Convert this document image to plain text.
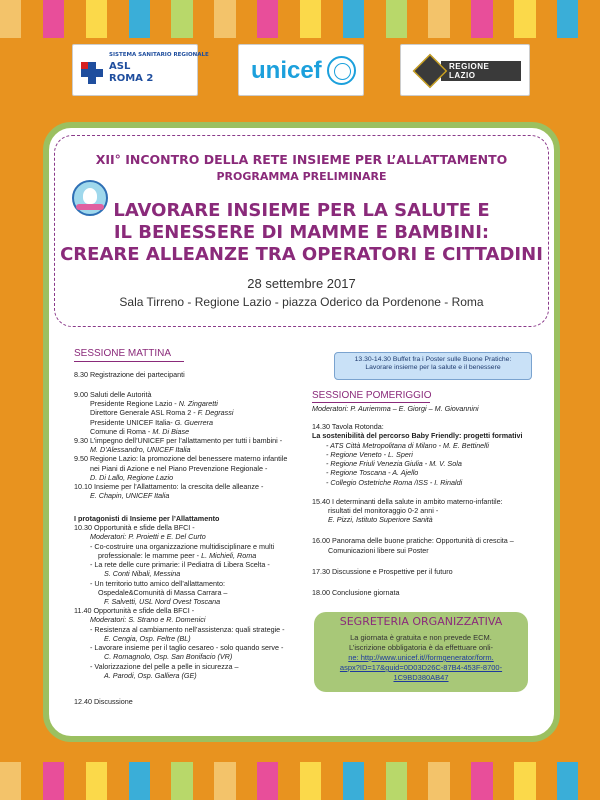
SISTEMA SANITARIO REGIONALE
ASL
ROMA 2	unicef	REGIONE
LAZIO
XII° INCONTRO DELLA RETE INSIEME PER L’ALLATTAMENTO
PROGRAMMA PRELIMINARE
LAVORARE INSIEME PER LA SALUTE E
IL BENESSERE DI MAMME E BAMBINI:
CREARE ALLEANZE TRA OPERATORI E CITTADINI
28 settembre 2017
Sala Tirreno - Regione Lazio - piazza Oderico da Pordenone - Roma
SESSIONE MATTINA
8.30 Registrazione dei partecipanti
9.00 Saluti delle Autorità
Presidente Regione Lazio - N. Zingaretti
Direttore Generale ASL Roma 2 - F. Degrassi
Presidente UNICEF Italia- G. Guerrera
Comune di Roma - M. Di Biase
9.30 L’impegno dell’UNICEF per l’allattamento per tutti i bambini -
M. D’Alessandro, UNICEF Italia
9.50 Regione Lazio: la promozione del benessere materno infantile
nei Piani di Azione e nel Piano Prevenzione Regionale -
D. Di Lallo, Regione Lazio
10.10 Insieme per l’Allattamento: la crescita delle alleanze -
E. Chapin, UNICEF Italia
I protagonisti di Insieme per l’Allattamento
10.30 Opportunità e sfide della BFCI -
Moderatori: P. Proietti e E. Del Curto
- Co-costruire una organizzazione multidisciplinare e multi
professionale: le mamme peer - L. Michieli, Roma
- La rete delle cure primarie: il Pediatra di Libera Scelta -
S. Conti Nibali, Messina
- Un territorio tutto amico dell’allattamento:
Ospedale&Comunità di Massa Carrara –
F. Salvetti, USL Nord Ovest Toscana
11.40 Opportunità e sfide della BFCI -
Moderatori: S. Strano e R. Domenici
- Resistenza al cambiamento nell’assistenza: quali strategie -
E. Cengia, Osp. Feltre (BL)
- Lavorare insieme per il taglio cesareo - solo quando serve -
C. Romagnolo, Osp. San Bonifacio (VR)
- Valorizzazione del pelle a pelle in sicurezza –
A. Parodi, Osp. Galliera (GE)
12.40 Discussione
13.30-14.30 Buffet fra i Poster sulle Buone Pratiche:
Lavorare insieme per la salute e il benessere
SESSIONE POMERIGGIO
Moderatori: P. Auriemma – E. Giorgi – M. Giovannini
14.30 Tavola Rotonda:
La sostenibilità del percorso Baby Friendly: progetti formativi
- ATS Città Metropolitana di Milano - M. E. Bettinelli
- Regione Veneto - L. Speri
- Regione Friuli Venezia Giulia - M. V. Sola
- Regione Toscana - A. Ajello
- Collegio Ostetriche Roma /ISS - I. Rinaldi
15.40 I determinanti della salute in ambito materno-infantile:
risultati del monitoraggio 0-2 anni -
E. Pizzi, Istituto Superiore Sanità
16.00 Panorama delle buone pratiche: Opportunità di crescita –
Comunicazioni libere sui Poster
17.30 Discussione e Prospettive per il futuro
18.00 Conclusione giornata
SEGRETERIA ORGANIZZATIVA
La giornata è gratuita e non prevede ECM.
L’iscrizione obbligatoria è da effettuare onli-
ne: http://www.unicef.it//formgenerator/form.
aspx?ID=17&guid=0D03D26C-87B4-453F-8700-
1C9BD380AB47
